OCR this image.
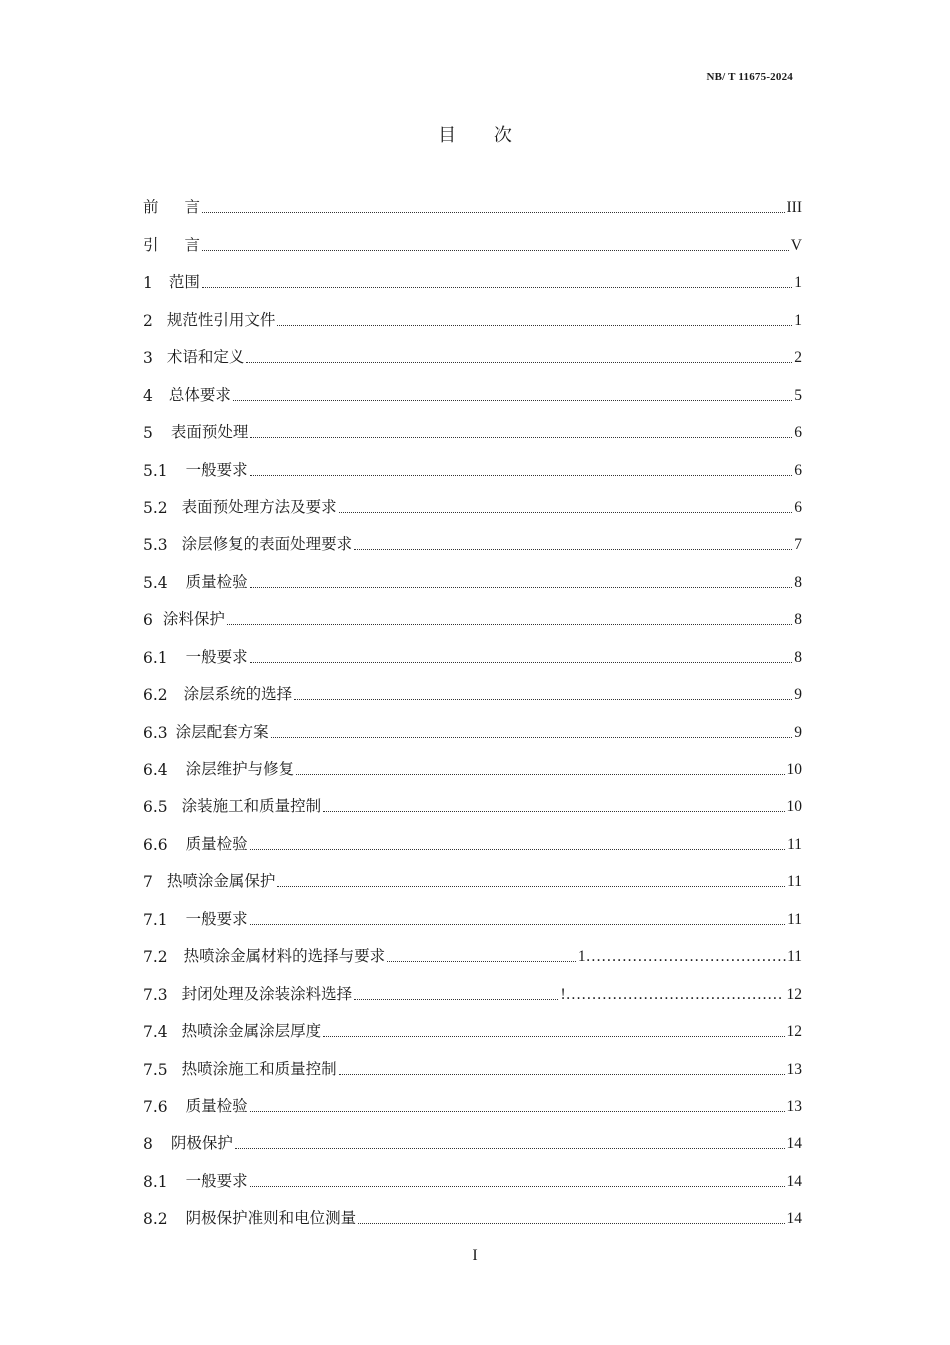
NB/ T 11675-2024
目 次
前 言	III
引 言	V
1 范围	1
2 规范性引用文件	1
3 术语和定义	2
4 总体要求	5
5 表面预处理	6
5.1 一般要求	6
5.2 表面预处理方法及要求	6
5.3 涂层修复的表面处理要求	7
5.4 质量检验	8
6 涂料保护	8
6.1 一般要求	8
6.2 涂层系统的选择	9
6.3 涂层配套方案	9
6.4 涂层维护与修复	10
6.5 涂装施工和质量控制	10
6.6 质量检验	11
7 热喷涂金属保护	11
7.1 一般要求	11
7.2 热喷涂金属材料的选择与要求	1…………………………………11
7.3 封闭处理及涂装涂料选择	!…………………………………… 12
7.4 热喷涂金属涂层厚度	12
7.5 热喷涂施工和质量控制	13
7.6 质量检验	13
8 阴极保护	14
8.1 一般要求	14
8.2 阴极保护准则和电位测量	14
I
